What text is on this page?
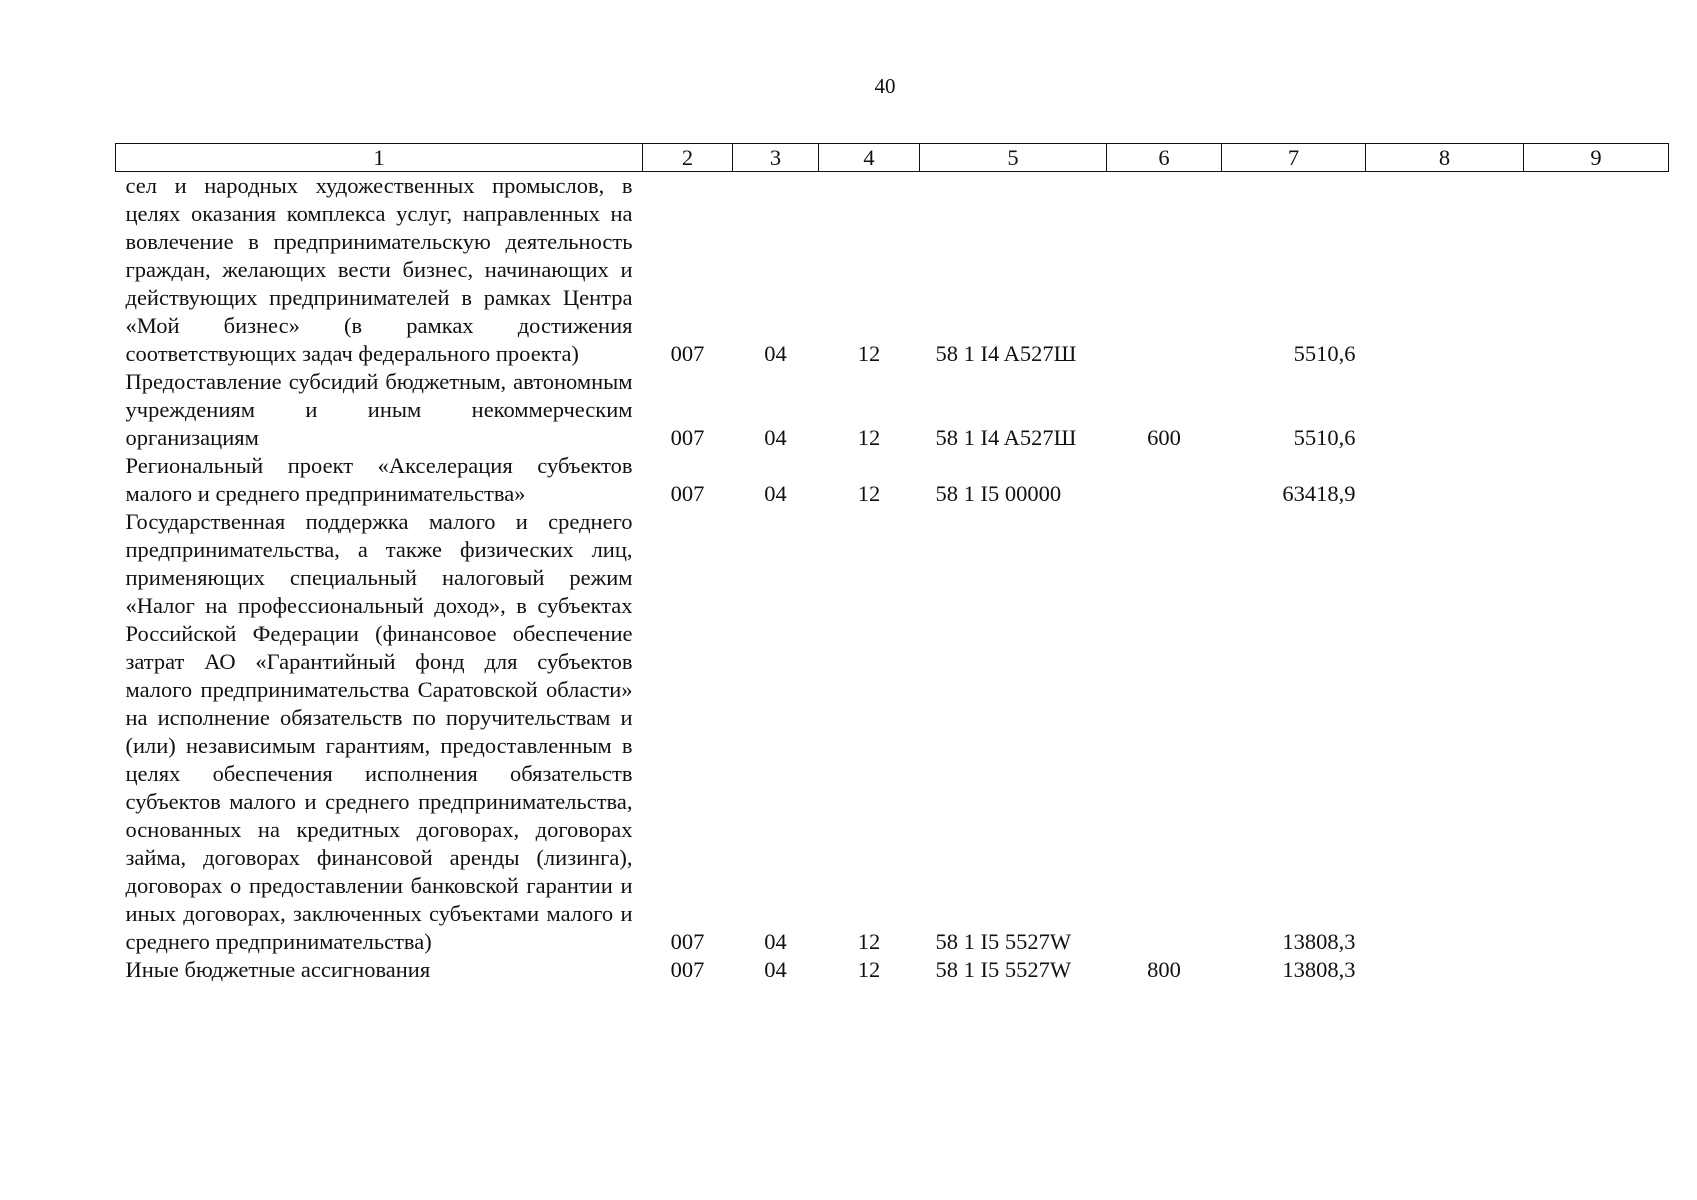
40
1	2	3	4	5	6	7	8	9
сел и народных художественных промыслов, в целях оказания комплекса услуг, направленных на вовлечение в предпринимательскую деятельность граждан, желающих вести бизнес, начинающих и действующих предпринимателей в рамках Центра «Мой бизнес» (в рамках достижения соответствующих задач федерального проекта)	007	04	12	58 1 I4 A527Ш		5510,6		
Предоставление субсидий бюджетным, автономным учреждениям и иным некоммерческим организациям	007	04	12	58 1 I4 A527Ш	600	5510,6		
Региональный проект «Акселерация субъектов малого и среднего предпринимательства»	007	04	12	58 1 I5 00000		63418,9		
Государственная поддержка малого и среднего предпринимательства, а также физических лиц, применяющих специальный налоговый режим «Налог на профессиональный доход», в субъектах Российской Федерации (финансовое обеспечение затрат АО «Гарантийный фонд для субъектов малого предпринимательства Саратовской области» на исполнение обязательств по поручительствам и (или) независимым гарантиям, предоставленным в целях обеспечения исполнения обязательств субъектов малого и среднего предпринимательства, основанных на кредитных договорах, договорах займа, договорах финансовой аренды (лизинга), договорах о предоставлении банковской гарантии и иных договорах, заключенных субъектами малого и среднего предпринимательства)	007	04	12	58 1 I5 5527W		13808,3		
Иные бюджетные ассигнования	007	04	12	58 1 I5 5527W	800	13808,3		
